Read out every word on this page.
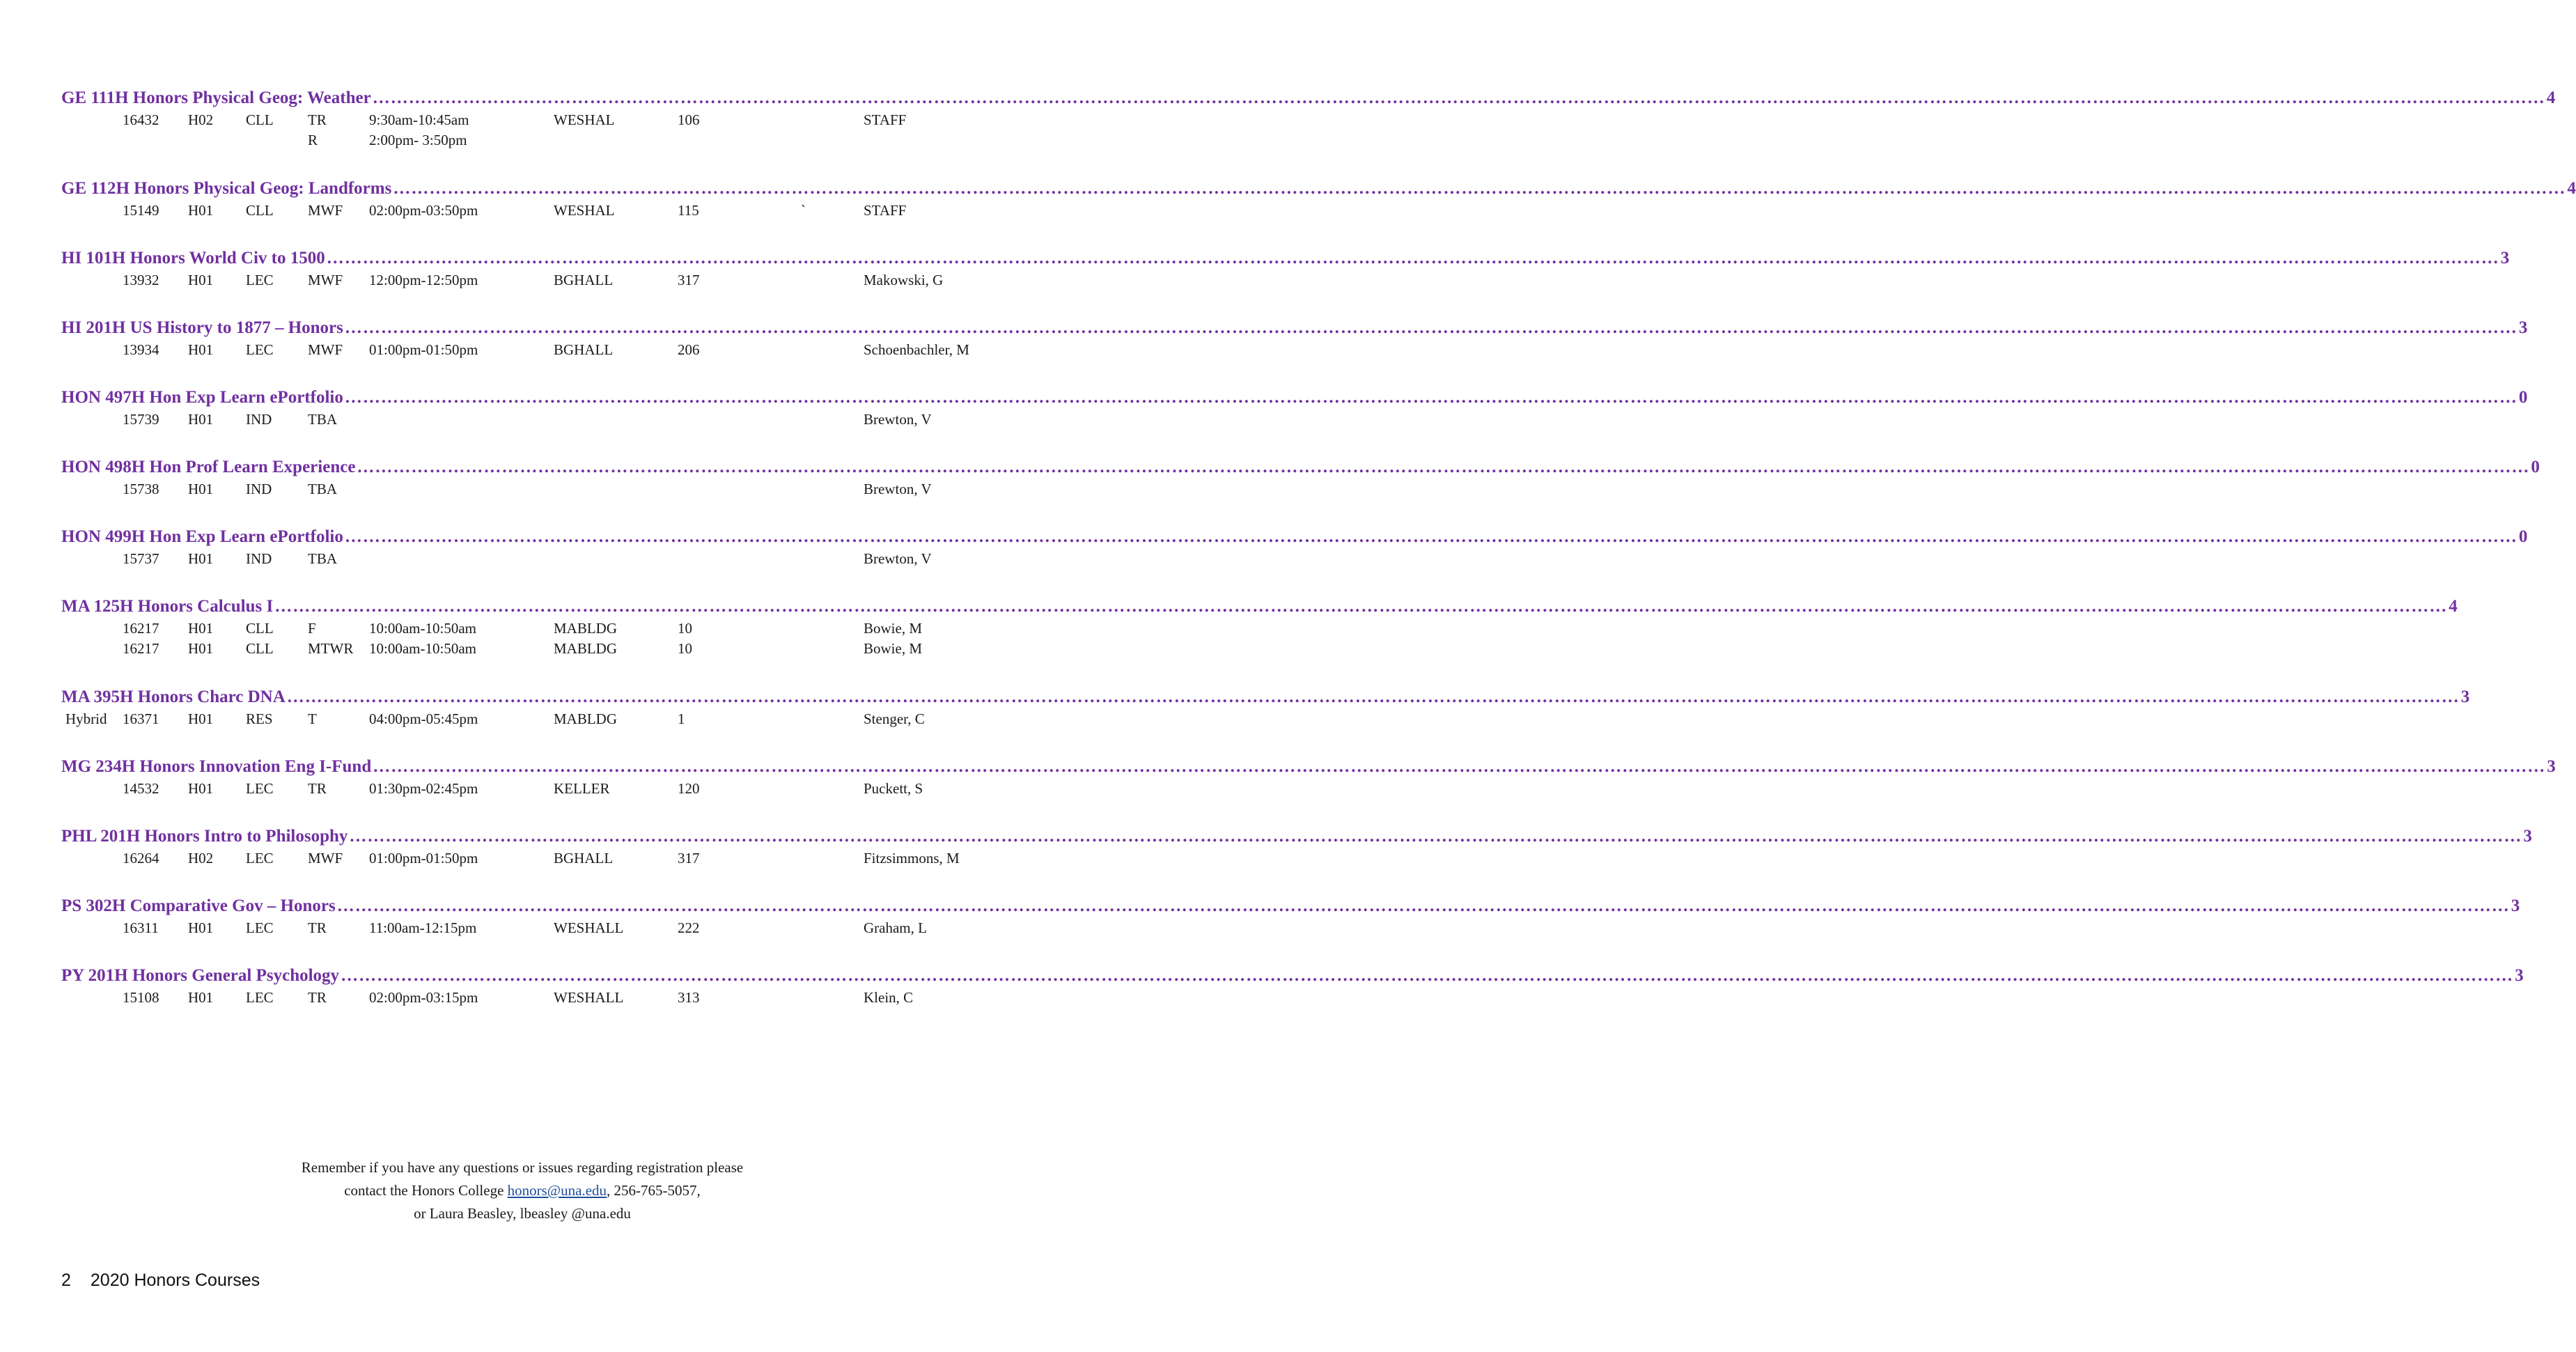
GE 111H Honors Physical Geog: Weather ……………………………………………………………………………………………………………………………………………………………………………………………………………………………………………………………………………………………………………………………… 4
16432 H02 CLL TR	9:30am-10:45am	WESHAL	106	STAFF
R	2:00pm- 3:50pm
GE 112H Honors Physical Geog: Landforms ……………………………………………………………………………………………………………………………………………………………………………………………………………………………………………………………………………………………………………………………… 4
15149 H01 CLL MWF 02:00pm-03:50pm	WESHAL	115	`	STAFF
HI 101H Honors World Civ to 1500 ……………………………………………………………………………………………………………………………………………………………………………………………………………………………………………………………………………………………………………………………… 3
13932 H01 LEC MWF 12:00pm-12:50pm	BGHALL	317	Makowski, G
HI 201H US History to 1877 – Honors ……………………………………………………………………………………………………………………………………………………………………………………………………………………………………………………………………………………………………………………………… 3
13934 H01 LEC MWF 01:00pm-01:50pm	BGHALL	206	Schoenbachler, M
HON 497H Hon Exp Learn ePortfolio ……………………………………………………………………………………………………………………………………………………………………………………………………………………………………………………………………………………………………………………………… 0
15739 H01 IND TBA	Brewton, V
HON 498H Hon Prof Learn Experience ……………………………………………………………………………………………………………………………………………………………………………………………………………………………………………………………………………………………………………………………… 0
15738 H01 IND TBA	Brewton, V
HON 499H Hon Exp Learn ePortfolio ……………………………………………………………………………………………………………………………………………………………………………………………………………………………………………………………………………………………………………………………… 0
15737 H01 IND TBA	Brewton, V
MA 125H Honors Calculus I ……………………………………………………………………………………………………………………………………………………………………………………………………………………………………………………………………………………………………………………………… 4
16217 H01 CLL F	10:00am-10:50am	MABLDG	10	Bowie, M
16217 H01 CLL MTWR 10:00am-10:50am	MABLDG	10	Bowie, M
MA 395H Honors Charc DNA ……………………………………………………………………………………………………………………………………………………………………………………………………………………………………………………………………………………………………………………………… 3
Hybrid 16371 H01 RES T	04:00pm-05:45pm	MABLDG	1	Stenger, C
MG 234H Honors Innovation Eng I-Fund ……………………………………………………………………………………………………………………………………………………………………………………………………………………………………………………………………………………………………………………………… 3
14532 H01 LEC TR	01:30pm-02:45pm	KELLER	120	Puckett, S
PHL 201H Honors Intro to Philosophy ……………………………………………………………………………………………………………………………………………………………………………………………………………………………………………………………………………………………………………………………… 3
16264 H02 LEC MWF 01:00pm-01:50pm	BGHALL	317	Fitzsimmons, M
PS 302H Comparative Gov – Honors ……………………………………………………………………………………………………………………………………………………………………………………………………………………………………………………………………………………………………………………………… 3
16311 H01 LEC TR	11:00am-12:15pm	WESHALL	222	Graham, L
PY 201H Honors General Psychology ……………………………………………………………………………………………………………………………………………………………………………………………………………………………………………………………………………………………………………………………… 3
15108 H01 LEC TR	02:00pm-03:15pm	WESHALL	313	Klein, C
Remember if you have any questions or issues regarding registration please
contact the Honors College honors@una.edu, 256-765-5057,
or Laura Beasley, lbeasley @una.edu
2 2020 Honors Courses
